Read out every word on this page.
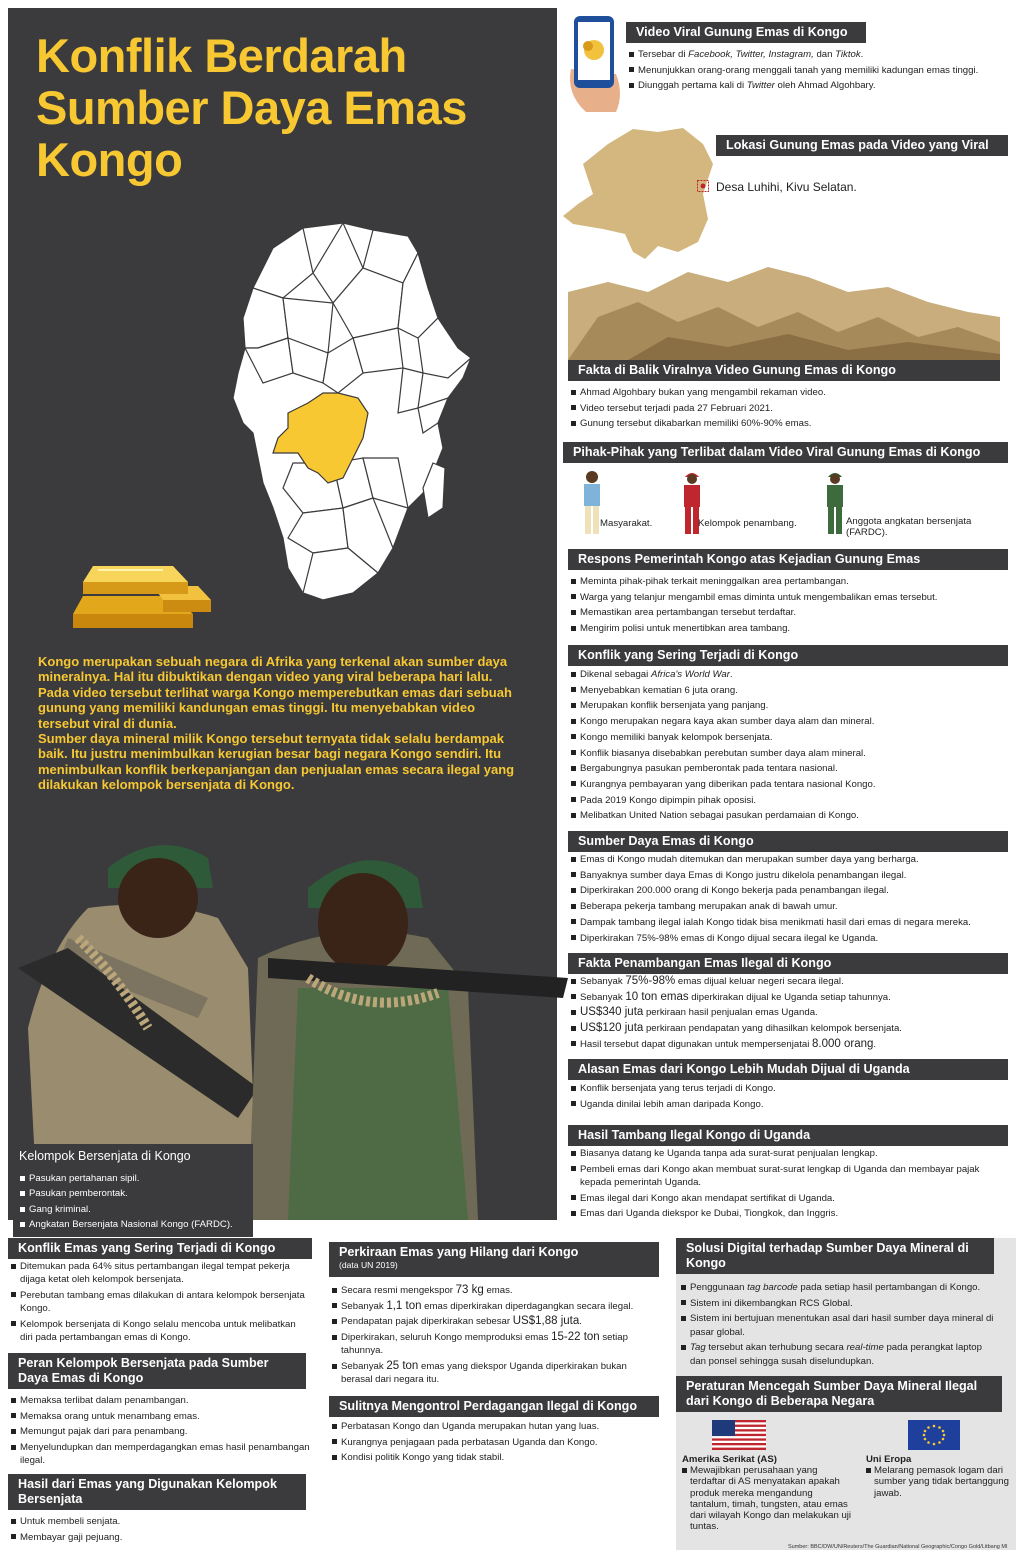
Konflik Berdarah
Sumber Daya Emas
Kongo

Kongo merupakan sebuah negara di Afrika yang terkenal akan sumber daya mineralnya. Hal itu dibuktikan dengan video yang viral beberapa hari lalu. Pada video tersebut terlihat warga Kongo memperebutkan emas dari sebuah gunung yang memiliki kandungan emas tinggi. Itu menyebabkan video tersebut viral di dunia.

Sumber daya mineral milik Kongo tersebut ternyata tidak selalu berdampak baik. Itu justru menimbulkan kerugian besar bagi negara Kongo sendiri. Itu menimbulkan konflik berkepanjangan dan penjualan emas secara ilegal yang dilakukan kelompok bersenjata di Kongo.

Kelompok Bersenjata di Kongo
Pasukan pertahanan sipil.
Pasukan pemberontak.
Gang kriminal.
Angkatan Bersenjata Nasional Kongo (FARDC).
Video Viral Gunung Emas di Kongo
Tersebar di Facebook, Twitter, Instagram, dan Tiktok.
Menunjukkan orang-orang menggali tanah yang memiliki kadungan emas tinggi.
Diunggah pertama kali di Twitter oleh Ahmad Algohbary.
Lokasi Gunung Emas pada Video yang Viral
Desa Luhihi, Kivu Selatan.
Fakta di Balik Viralnya Video Gunung Emas di Kongo
Ahmad Algohbary bukan yang mengambil rekaman video.
Video tersebut terjadi pada 27 Februari 2021.
Gunung tersebut dikabarkan memiliki 60%-90% emas.
Pihak-Pihak yang Terlibat dalam Video Viral Gunung Emas di Kongo
Masyarakat.	Kelompok penambang.	Anggota angkatan bersenjata (FARDC).
Respons Pemerintah Kongo atas Kejadian Gunung Emas
Meminta pihak-pihak terkait meninggalkan area pertambangan.
Warga yang telanjur mengambil emas diminta untuk mengembalikan emas tersebut.
Memastikan area pertambangan tersebut terdaftar.
Mengirim polisi untuk menertibkan area tambang.
Konflik yang Sering Terjadi di Kongo
Dikenal sebagai Africa's World War.
Menyebabkan kematian 6 juta orang.
Merupakan konflik bersenjata yang panjang.
Kongo merupakan negara kaya akan sumber daya alam dan mineral.
Kongo memiliki banyak kelompok bersenjata.
Konflik biasanya disebabkan perebutan sumber daya alam mineral.
Bergabungnya pasukan pemberontak pada tentara nasional.
Kurangnya pembayaran yang diberikan pada tentara nasional Kongo.
Pada 2019 Kongo dipimpin pihak oposisi.
Melibatkan United Nation sebagai pasukan perdamaian di Kongo.
Sumber Daya Emas di Kongo
Emas di Kongo mudah ditemukan dan merupakan sumber daya yang berharga.
Banyaknya sumber daya Emas di Kongo justru dikelola penambangan ilegal.
Diperkirakan 200.000 orang di Kongo bekerja pada penambangan ilegal.
Beberapa pekerja tambang merupakan anak di bawah umur.
Dampak tambang ilegal ialah Kongo tidak bisa menikmati hasil dari emas di negara mereka.
Diperkirakan 75%-98% emas di Kongo dijual secara ilegal ke Uganda.
Fakta Penambangan Emas Ilegal di Kongo
Sebanyak 75%-98% emas dijual keluar negeri secara ilegal.
Sebanyak 10 ton emas diperkirakan dijual ke Uganda setiap tahunnya.
US$340 juta perkiraan hasil penjualan emas Uganda.
US$120 juta perkiraan pendapatan yang dihasilkan kelompok bersenjata.
Hasil tersebut dapat digunakan untuk mempersenjatai 8.000 orang.
Alasan Emas dari Kongo Lebih Mudah Dijual di Uganda
Konflik bersenjata yang terus terjadi di Kongo.
Uganda dinilai lebih aman daripada Kongo.
Hasil Tambang Ilegal Kongo di Uganda
Biasanya datang ke Uganda tanpa ada surat-surat penjualan lengkap.
Pembeli emas dari Kongo akan membuat surat-surat lengkap di Uganda dan membayar pajak kepada pemerintah Uganda.
Emas ilegal dari Kongo akan mendapat sertifikat di Uganda.
Emas dari Uganda diekspor ke Dubai, Tiongkok, dan Inggris.
Konflik Emas yang Sering Terjadi di Kongo
Ditemukan pada 64% situs pertambangan ilegal tempat pekerja dijaga ketat oleh kelompok bersenjata.
Perebutan tambang emas dilakukan di antara kelompok bersenjata Kongo.
Kelompok bersenjata di Kongo selalu mencoba untuk melibatkan diri pada pertambangan emas di Kongo.
Peran Kelompok Bersenjata pada Sumber Daya Emas di Kongo
Memaksa terlibat dalam penambangan.
Memaksa orang untuk menambang emas.
Memungut pajak dari para penambang.
Menyelundupkan dan memperdagangkan emas hasil penambangan ilegal.
Hasil dari Emas yang Digunakan Kelompok Bersenjata
Untuk membeli senjata.
Membayar gaji pejuang.
Perkiraan Emas yang Hilang dari Kongo
(data UN 2019)
Secara resmi mengekspor 73 kg emas.
Sebanyak 1,1 ton emas diperkirakan diperdagangkan secara ilegal.
Pendapatan pajak diperkirakan sebesar US$1,88 juta.
Diperkirakan, seluruh Kongo memproduksi emas 15-22 ton setiap tahunnya.
Sebanyak 25 ton emas yang diekspor Uganda diperkirakan bukan berasal dari negara itu.
Sulitnya Mengontrol Perdagangan Ilegal di Kongo
Perbatasan Kongo dan Uganda merupakan hutan yang luas.
Kurangnya penjagaan pada perbatasan Uganda dan Kongo.
Kondisi politik Kongo yang tidak stabil.
Solusi Digital terhadap Sumber Daya Mineral di Kongo
Penggunaan tag barcode pada setiap hasil pertambangan di Kongo.
Sistem ini dikembangkan RCS Global.
Sistem ini bertujuan menentukan asal dari hasil sumber daya mineral di pasar global.
Tag tersebut akan terhubung secara real-time pada perangkat laptop dan ponsel sehingga susah diselundupkan.
Peraturan Mencegah Sumber Daya Mineral Ilegal dari Kongo di Beberapa Negara
Amerika Serikat (AS)
Mewajibkan perusahaan yang terdaftar di AS menyatakan apakah produk mereka mengandung tantalum, timah, tungsten, atau emas dari wilayah Kongo dan melakukan uji tuntas.
Uni Eropa
Melarang pemasok logam dari sumber yang tidak bertanggung jawab.
Sumber: BBC/DW/UN/Reuters/The Guardian/National Geographic/Congo Gold/Litbang MI
